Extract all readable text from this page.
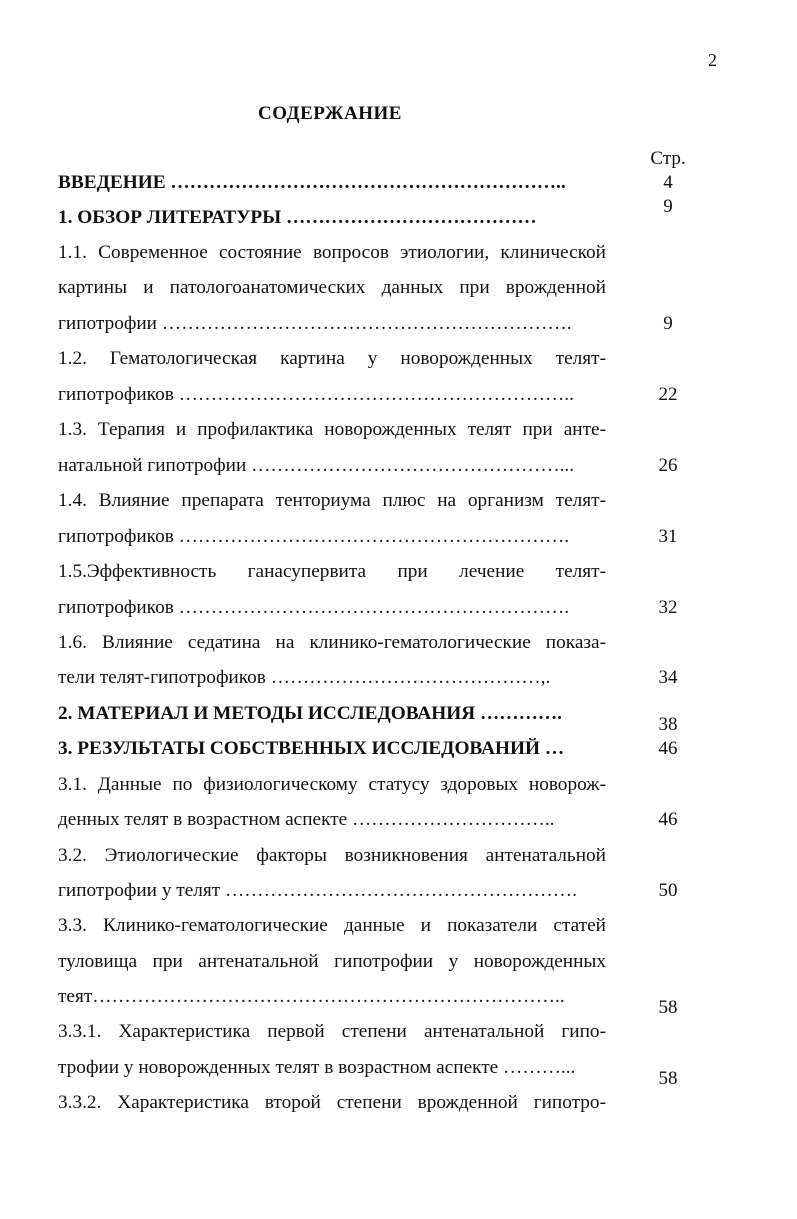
2
СОДЕРЖАНИЕ
Стр.
ВВЕДЕНИЕ ……………………………………………………..
1. ОБЗОР ЛИТЕРАТУРЫ …………………………………
1.1. Современное состояние вопросов этиологии, клинической
картины и патологоанатомических данных при врожденной
гипотрофии ……………………………………………………….
1.2. Гематологическая картина у новорожденных телят-
гипотрофиков ……………………………………………………..
1.3. Терапия и профилактика новорожденных телят при анте-
натальной гипотрофии …………………………………………...
1.4. Влияние препарата тенториума плюс на организм телят-
гипотрофиков …………………………………………………….
1.5.Эффективность ганасупервита при лечение телят-
гипотрофиков …………………………………………………….
1.6. Влияние седатина на клинико-гематологические показа-
тели телят-гипотрофиков ……………………………………,.
2. МАТЕРИАЛ И МЕТОДЫ ИССЛЕДОВАНИЯ ………….
3. РЕЗУЛЬТАТЫ СОБСТВЕННЫХ ИССЛЕДОВАНИЙ …
3.1. Данные по физиологическому статусу здоровых новорож-
денных телят в возрастном аспекте …………………………..
3.2. Этиологические факторы возникновения антенатальной
гипотрофии у телят ……………………………………………….
3.3. Клинико-гематологические данные и показатели статей
туловища при антенатальной гипотрофии у новорожденных
теят………………………………………………………………..
3.3.1. Характеристика первой степени антенатальной гипо-
трофии у новорожденных телят в возрастном аспекте ………...
3.3.2. Характеристика второй степени врожденной гипотро-
4
9
9
22
26
31
32
34
38
46
46
50
58
58
